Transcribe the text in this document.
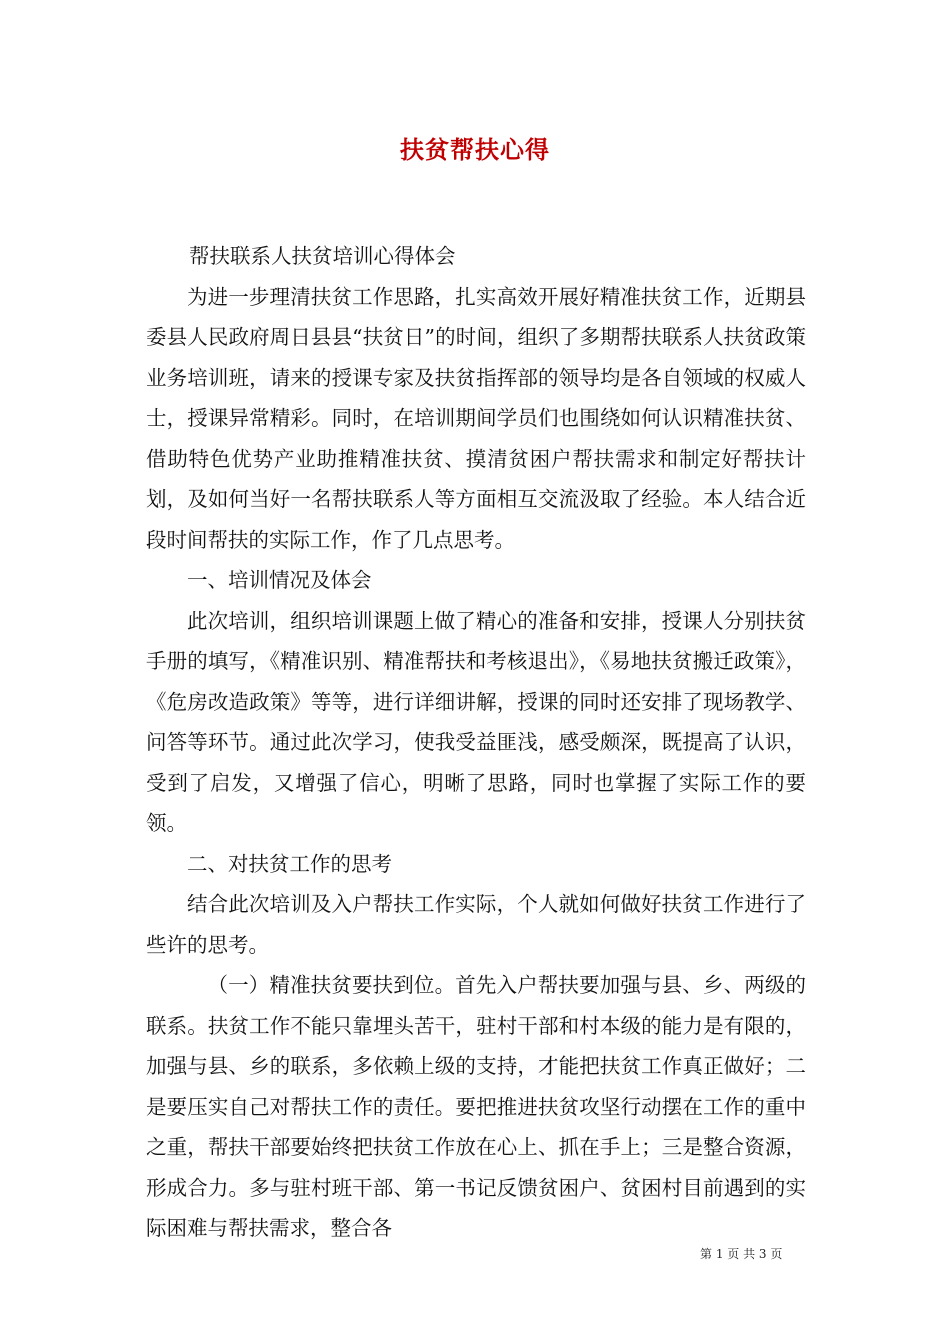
扶贫帮扶心得

帮扶联系人扶贫培训心得体会

为进一步理清扶贫工作思路，扎实高效开展好精准扶贫工作，近期县委县人民政府周日县县“扶贫日”的时间，组织了多期帮扶联系人扶贫政策业务培训班，请来的授课专家及扶贫指挥部的领导均是各自领域的权威人士，授课异常精彩。同时，在培训期间学员们也围绕如何认识精准扶贫、借助特色优势产业助推精准扶贫、摸清贫困户帮扶需求和制定好帮扶计划，及如何当好一名帮扶联系人等方面相互交流汲取了经验。本人结合近段时间帮扶的实际工作，作了几点思考。

一、培训情况及体会

此次培训，组织培训课题上做了精心的准备和安排，授课人分别扶贫手册的填写，《精准识别、精准帮扶和考核退出》，《易地扶贫搬迁政策》，《危房改造政策》等等，进行详细讲解，授课的同时还安排了现场教学、问答等环节。通过此次学习，使我受益匪浅，感受颇深，既提高了认识，受到了启发，又增强了信心，明晰了思路，同时也掌握了实际工作的要领。

二、对扶贫工作的思考

结合此次培训及入户帮扶工作实际，个人就如何做好扶贫工作进行了些许的思考。

（一）精准扶贫要扶到位。首先入户帮扶要加强与县、乡、两级的联系。扶贫工作不能只靠埋头苦干，驻村干部和村本级的能力是有限的，加强与县、乡的联系，多依赖上级的支持，才能把扶贫工作真正做好；二是要压实自己对帮扶工作的责任。要把推进扶贫攻坚行动摆在工作的重中之重，帮扶干部要始终把扶贫工作放在心上、抓在手上；三是整合资源，形成合力。多与驻村班干部、第一书记反馈贫困户、贫困村目前遇到的实际困难与帮扶需求，整合各

第 1 页 共 3 页
